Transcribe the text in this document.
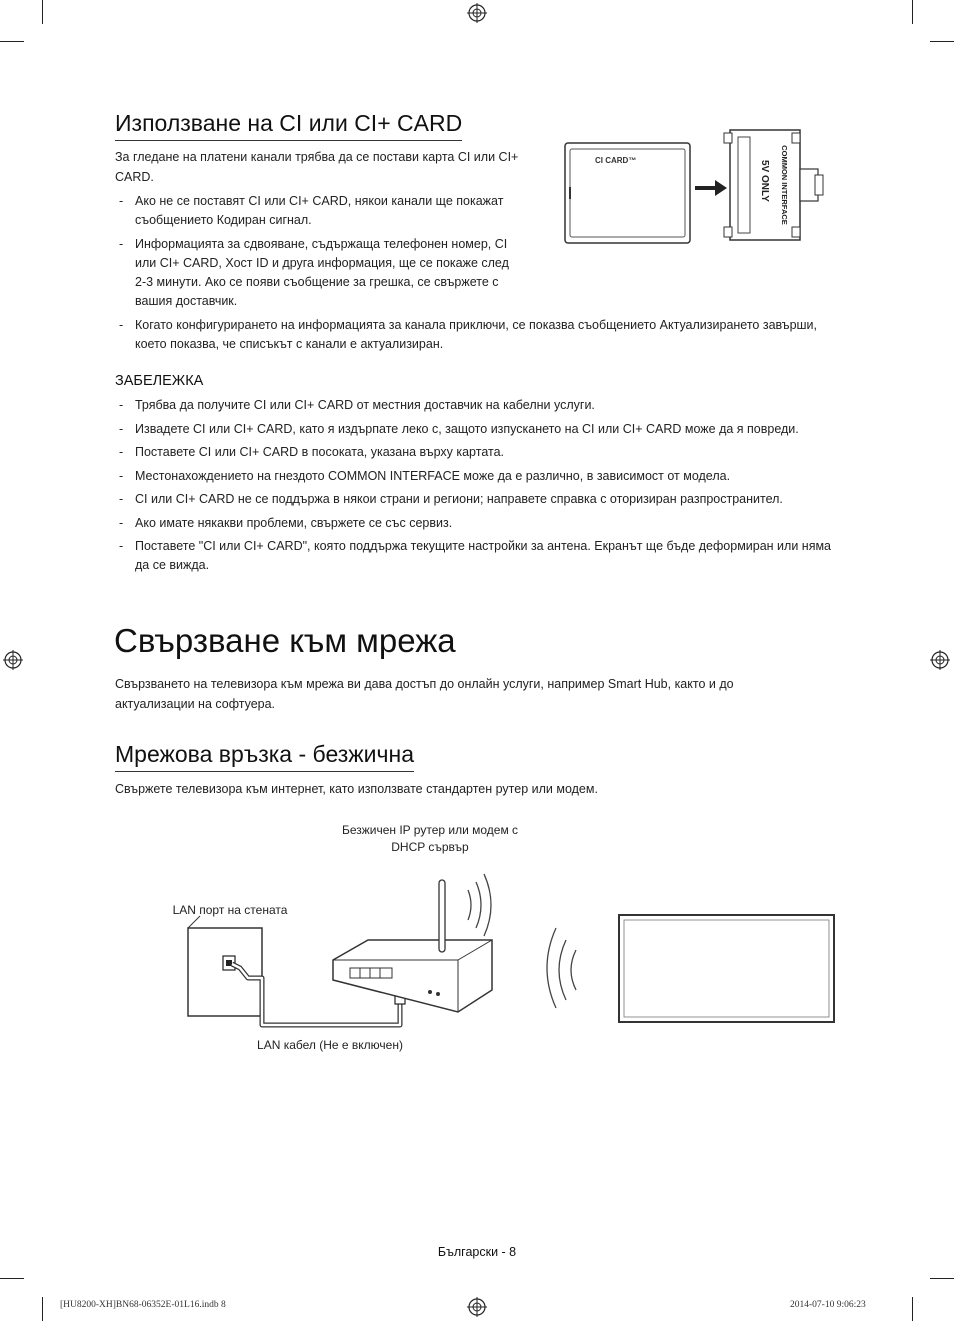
Използване на CI или CI+ CARD

За гледане на платени канали трябва да се постави карта CI или CI+ CARD.

- Ако не се поставят CI или CI+ CARD, някои канали ще покажат съобщението Кодиран сигнал.
- Информацията за сдвояване, съдържаща телефонен номер, CI или CI+ CARD, Хост ID и друга информация, ще се покаже след 2-3 минути. Ако се появи съобщение за грешка, се свържете с вашия доставчик.
- Когато конфигурирането на информацията за канала приключи, се показва съобщението Актуализирането завърши, което показва, че списъкът с канали е актуализиран.
CI CARD™	COMMON INTERFACE
5V ONLY
ЗАБЕЛЕЖКА
- Трябва да получите CI или CI+ CARD от местния доставчик на кабелни услуги.
- Извадете CI или CI+ CARD, като я издърпате леко с, защото изпускането на CI или CI+ CARD може да я повреди.
- Поставете CI или CI+ CARD в посоката, указана върху картата.
- Местонахождението на гнездото COMMON INTERFACE може да е различно, в зависимост от модела.
- CI или CI+ CARD не се поддържа в някои страни и региони; направете справка с оторизиран разпространител.
- Ако имате някакви проблеми, свържете се със сервиз.
- Поставете "CI или CI+ CARD", която поддържа текущите настройки за антена. Екранът ще бъде деформиран или няма да се вижда.
Свързване към мрежа

Свързването на телевизора към мрежа ви дава достъп до онлайн услуги, например Smart Hub, както и до актуализации на софтуера.

Мрежова връзка - безжична

Свържете телевизора към интернет, като използвате стандартен рутер или модем.

Безжичен IP рутер или модем с DHCP сървър
LAN порт на стената
LAN кабел (Не е включен)
Български - 8
[HU8200-XH]BN68-06352E-01L16.indb 8	2014-07-10 9:06:23
